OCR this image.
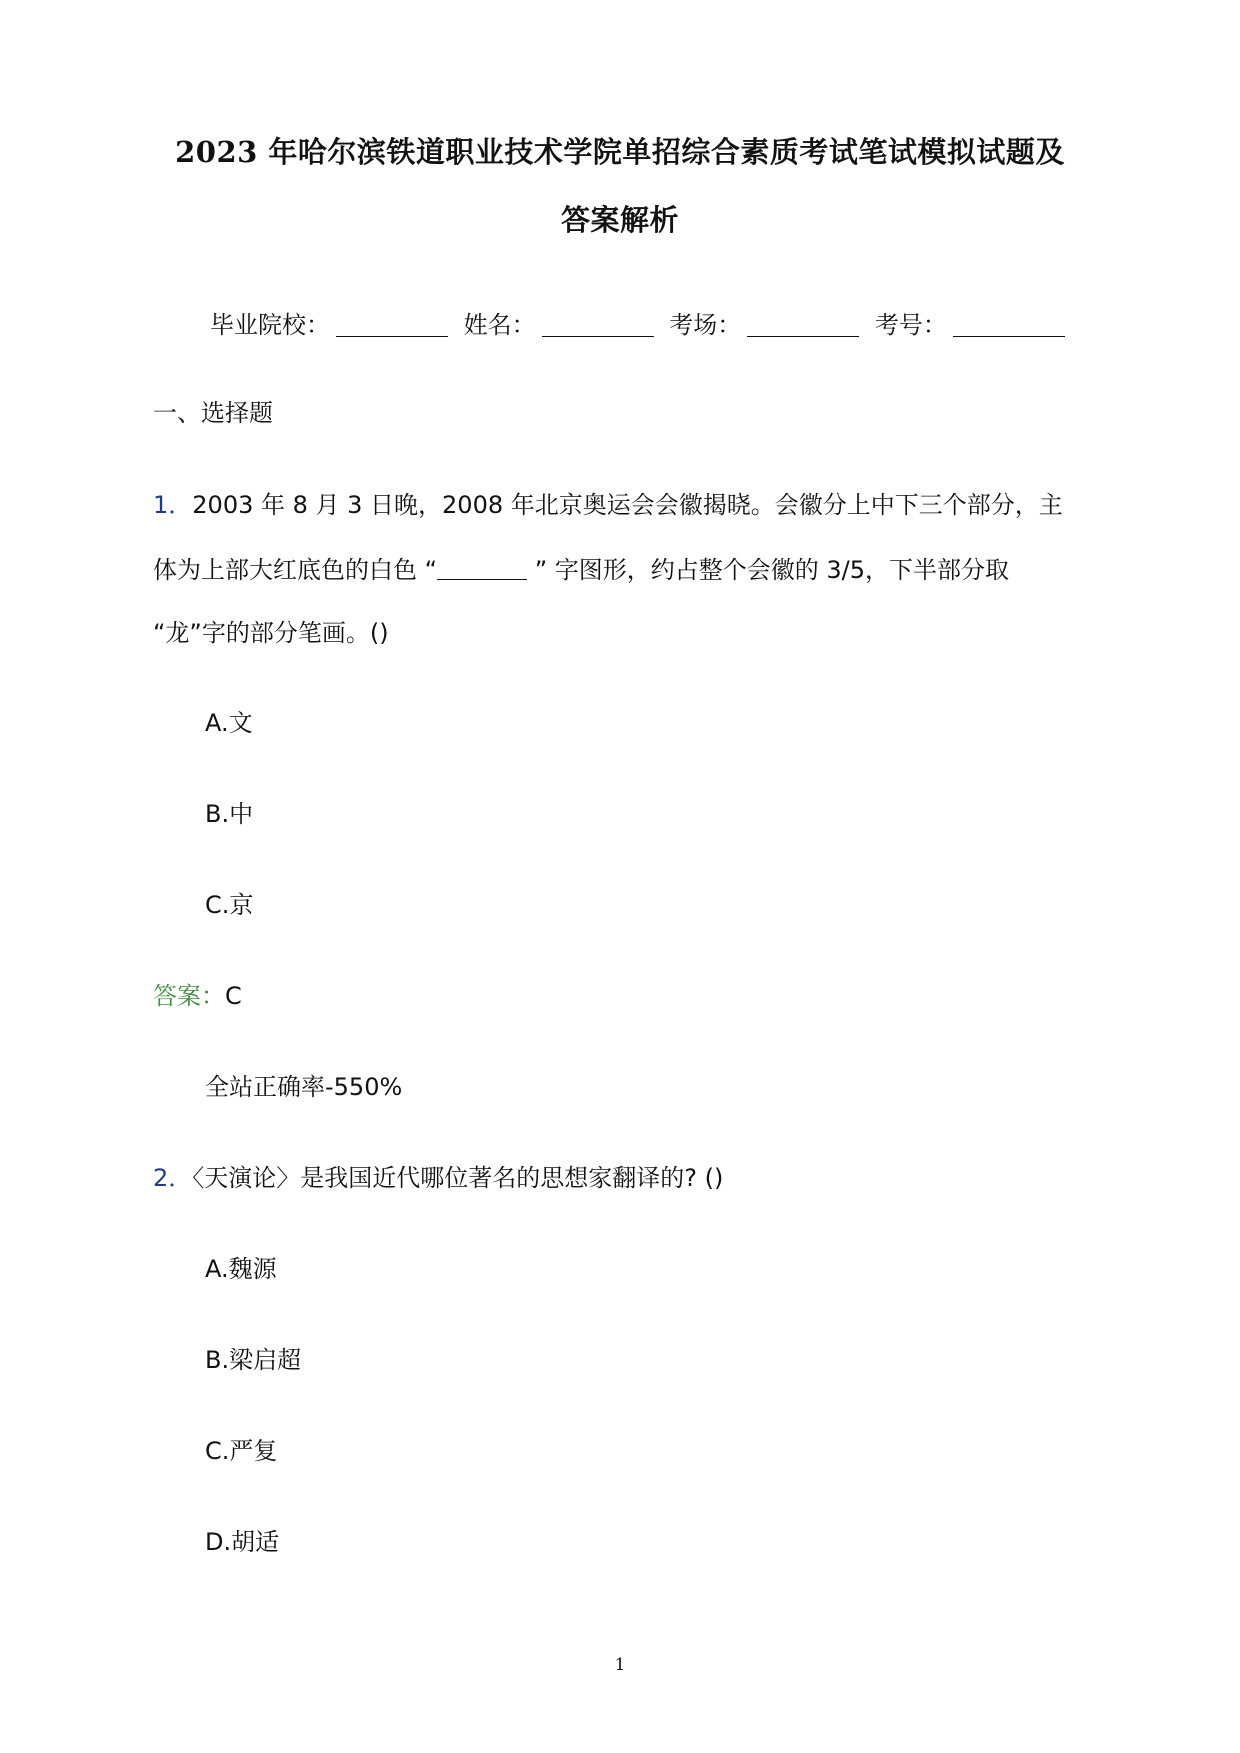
2023 年哈尔滨铁道职业技术学院单招综合素质考试笔试模拟试题及
答案解析
毕业院校：	姓名：	考场：	考号：
一、选择题
1．2003 年 8 月 3 日晚，2008 年北京奥运会会徽揭晓。会徽分上中下三个部分，主
体为上部大红底色的白色 “	” 字图形，约占整个会徽的 3/5，下半部分取
“龙”字的部分笔画。()
A.文
B.中
C.京
答案：C
全站正确率-550%
2．〈天演论〉是我国近代哪位著名的思想家翻译的? ()
A.魏源
B.梁启超
C.严复
D.胡适
1
